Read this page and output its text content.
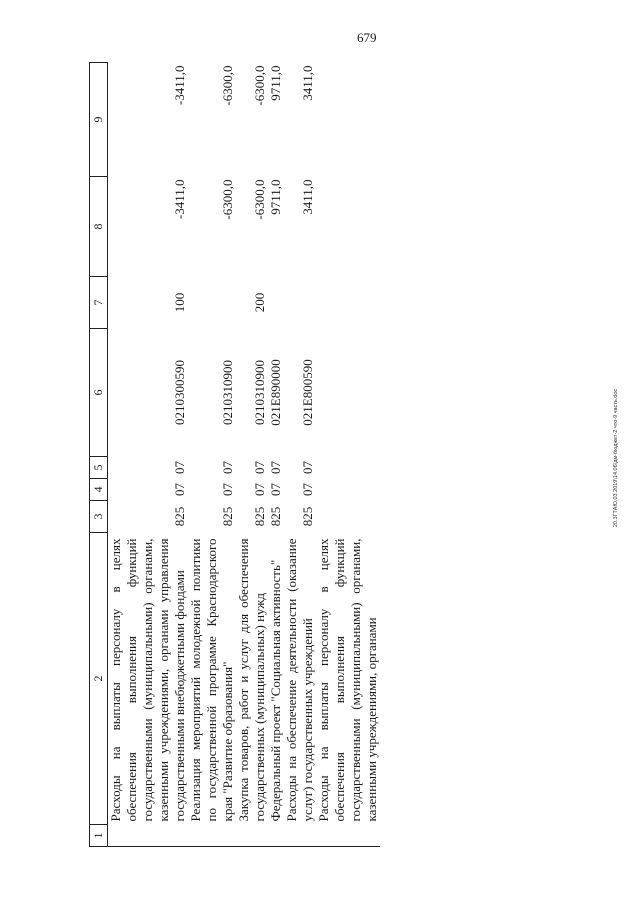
679
20.3ГТАЮ.03.2019\14.06\дм-бюджет-2 что-9 часть.doc
1	2	3	4	5	6	7	8	9
	Расходы на выплаты персоналу в целях обеспечения выполнения функций государственными (муниципальными) органами, казенными учреждениями, органами управления государственными внебюджетными фондами	825	07	07	0210300590	100	-3411,0	-3411,0
	Реализация мероприятий молодежной политики по государственной программе Краснодарского края "Развитие образования"	825	07	07	0210310900		-6300,0	-6300,0
	Закупка товаров, работ и услуг для обеспечения государственных (муниципальных) нужд	825	07	07	0210310900	200	-6300,0	-6300,0
	Федеральный проект "Социальная активность"	825	07	07	021E890000		9711,0	9711,0
	Расходы на обеспечение деятельности (оказание услуг) государственных учреждений	825	07	07	021E800590		3411,0	3411,0
	Расходы на выплаты персоналу в целях обеспечения выполнения функций государственными (муниципальными) органами, казенными учреждениями, органами							
